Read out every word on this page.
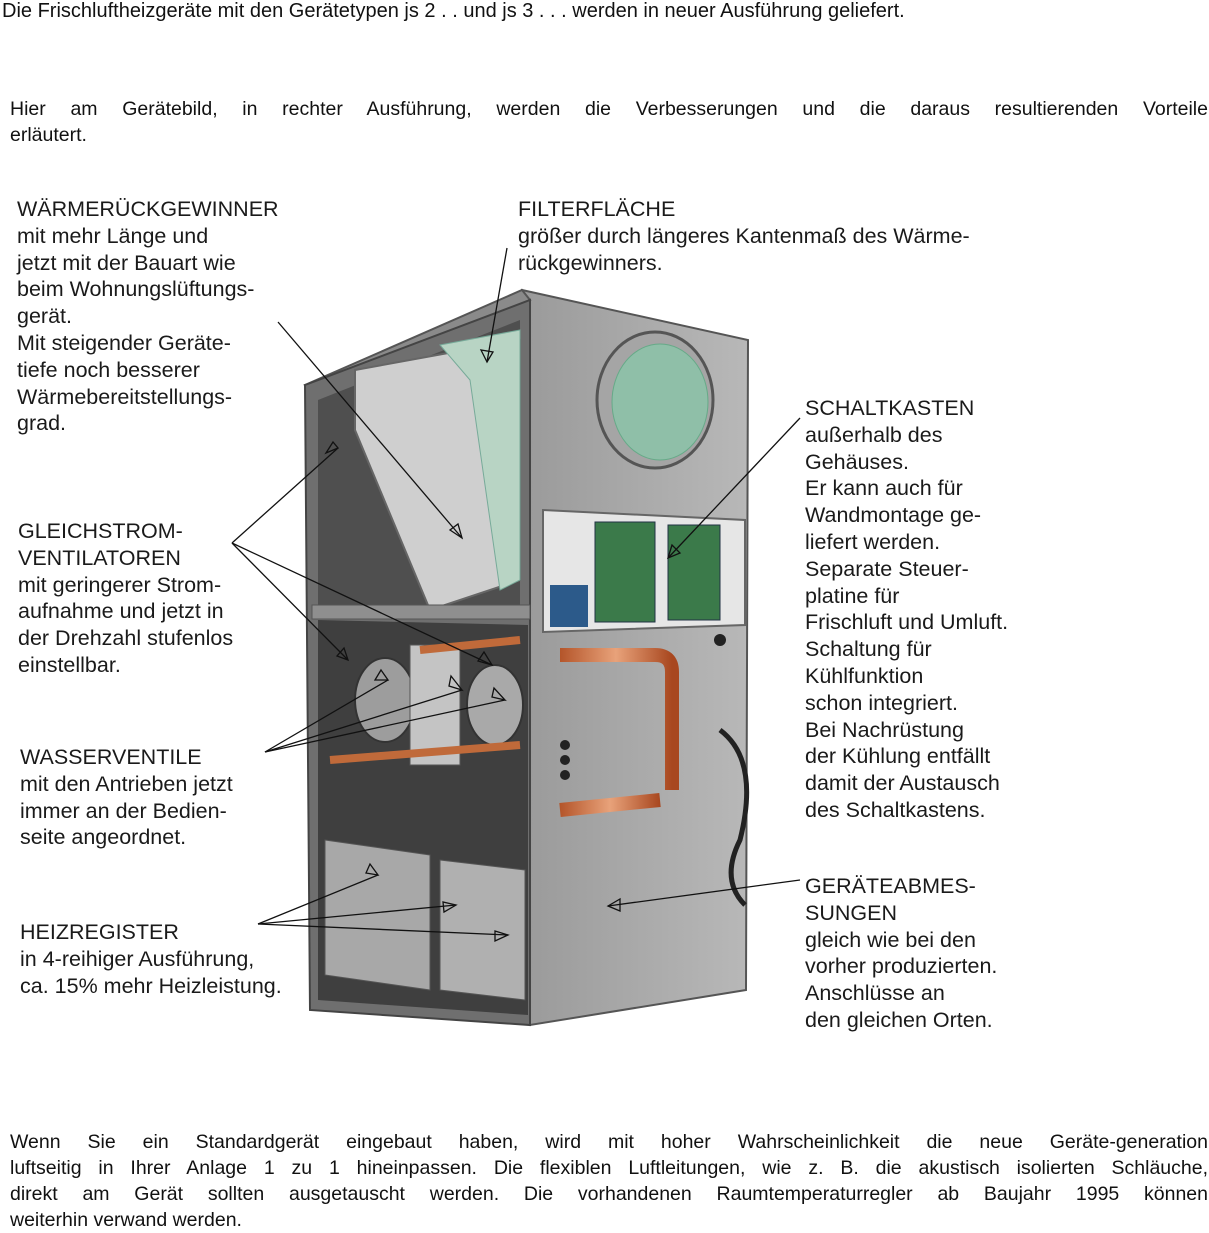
Die Frischluftheizgeräte mit den Gerätetypen js 2 . . und js 3 . . . werden in neuer Ausführung geliefert.
Hier am Gerätebild, in rechter Ausführung, werden die Verbesserungen und die daraus resultierenden Vorteile
erläutert.
WÄRMERÜCKGEWINNER
mit mehr Länge und
jetzt mit der Bauart wie
beim Wohnungslüftungs-
gerät.
Mit steigender Geräte-
tiefe noch besserer
Wärmebereitstellungs-
grad.
FILTERFLÄCHE
größer durch längeres Kantenmaß des Wärme-
rückgewinners.
SCHALTKASTEN
außerhalb des
Gehäuses.
Er kann auch für
Wandmontage ge-
liefert werden.
Separate Steuer-
platine für
Frischluft und Umluft.
Schaltung für
Kühlfunktion
schon integriert.
Bei Nachrüstung
der Kühlung entfällt
damit der Austausch
des Schaltkastens.
GLEICHSTROM-
VENTILATOREN
mit geringerer Strom-
aufnahme und jetzt in
der Drehzahl stufenlos
einstellbar.
WASSERVENTILE
mit den Antrieben jetzt
immer an der Bedien-
seite angeordnet.
HEIZREGISTER
in 4-reihiger Ausführung,
ca. 15% mehr Heizleistung.
GERÄTEABMES-
SUNGEN
gleich wie bei den
vorher produzierten.
Anschlüsse an
den gleichen Orten.
Wenn Sie ein Standardgerät eingebaut haben, wird mit hoher Wahrscheinlichkeit die neue Geräte-generation
luftseitig in Ihrer Anlage 1 zu 1 hineinpassen. Die flexiblen Luftleitungen, wie z. B. die akustisch isolierten Schläuche,
direkt am Gerät sollten ausgetauscht werden. Die vorhandenen Raumtemperaturregler ab Baujahr 1995 können
weiterhin verwand werden.
